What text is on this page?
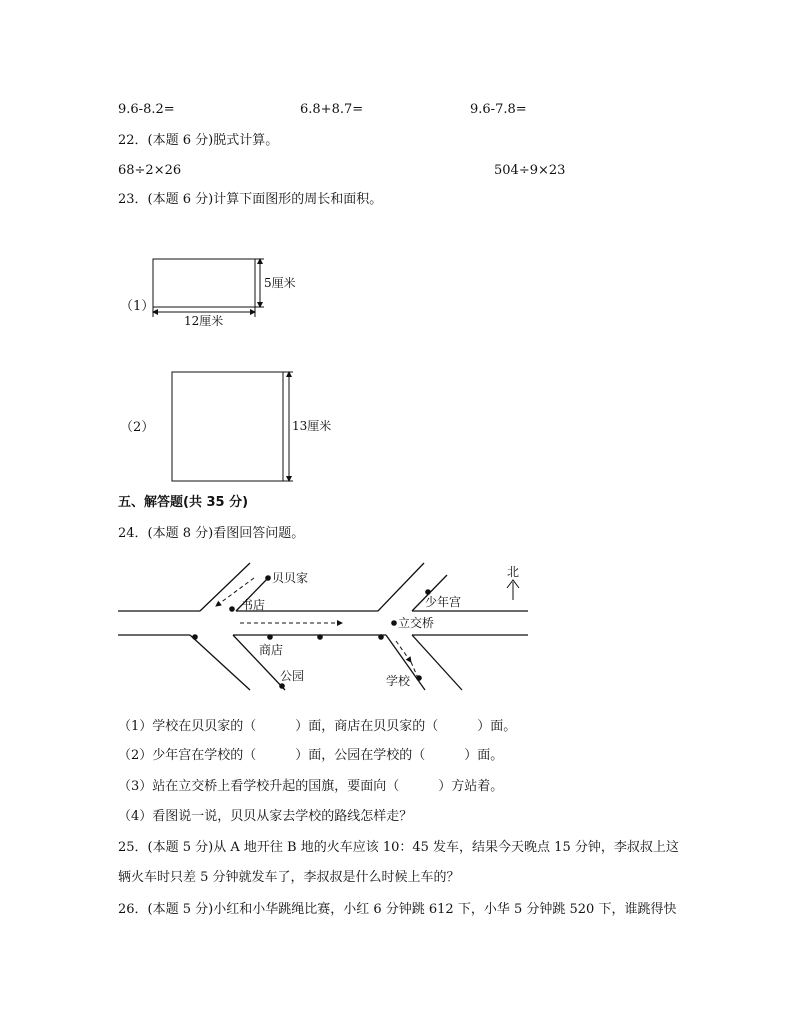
9.6-8.2=	6.8+8.7=	9.6-7.8=
22．(本题 6 分)脱式计算。
68÷2×26	504÷9×23
23．(本题 6 分)计算下面图形的周长和面积。
（1）
12厘米
5厘米
（2）	13厘米
五、解答题(共 35 分)
24．(本题 8 分)看图回答问题。
北
贝贝家
书店	少年宫
立交桥
商店
公园	学校
（1）学校在贝贝家的（　　　）面，商店在贝贝家的（　　　）面。
（2）少年宫在学校的（　　　）面，公园在学校的（　　　）面。
（3）站在立交桥上看学校升起的国旗，要面向（　　　）方站着。
（4）看图说一说，贝贝从家去学校的路线怎样走？
25．(本题 5 分)从 A 地开往 B 地的火车应该 10：45 发车，结果今天晚点 15 分钟，李叔叔上这
辆火车时只差 5 分钟就发车了，李叔叔是什么时候上车的？
26．(本题 5 分)小红和小华跳绳比赛，小红 6 分钟跳 612 下，小华 5 分钟跳 520 下，谁跳得快
